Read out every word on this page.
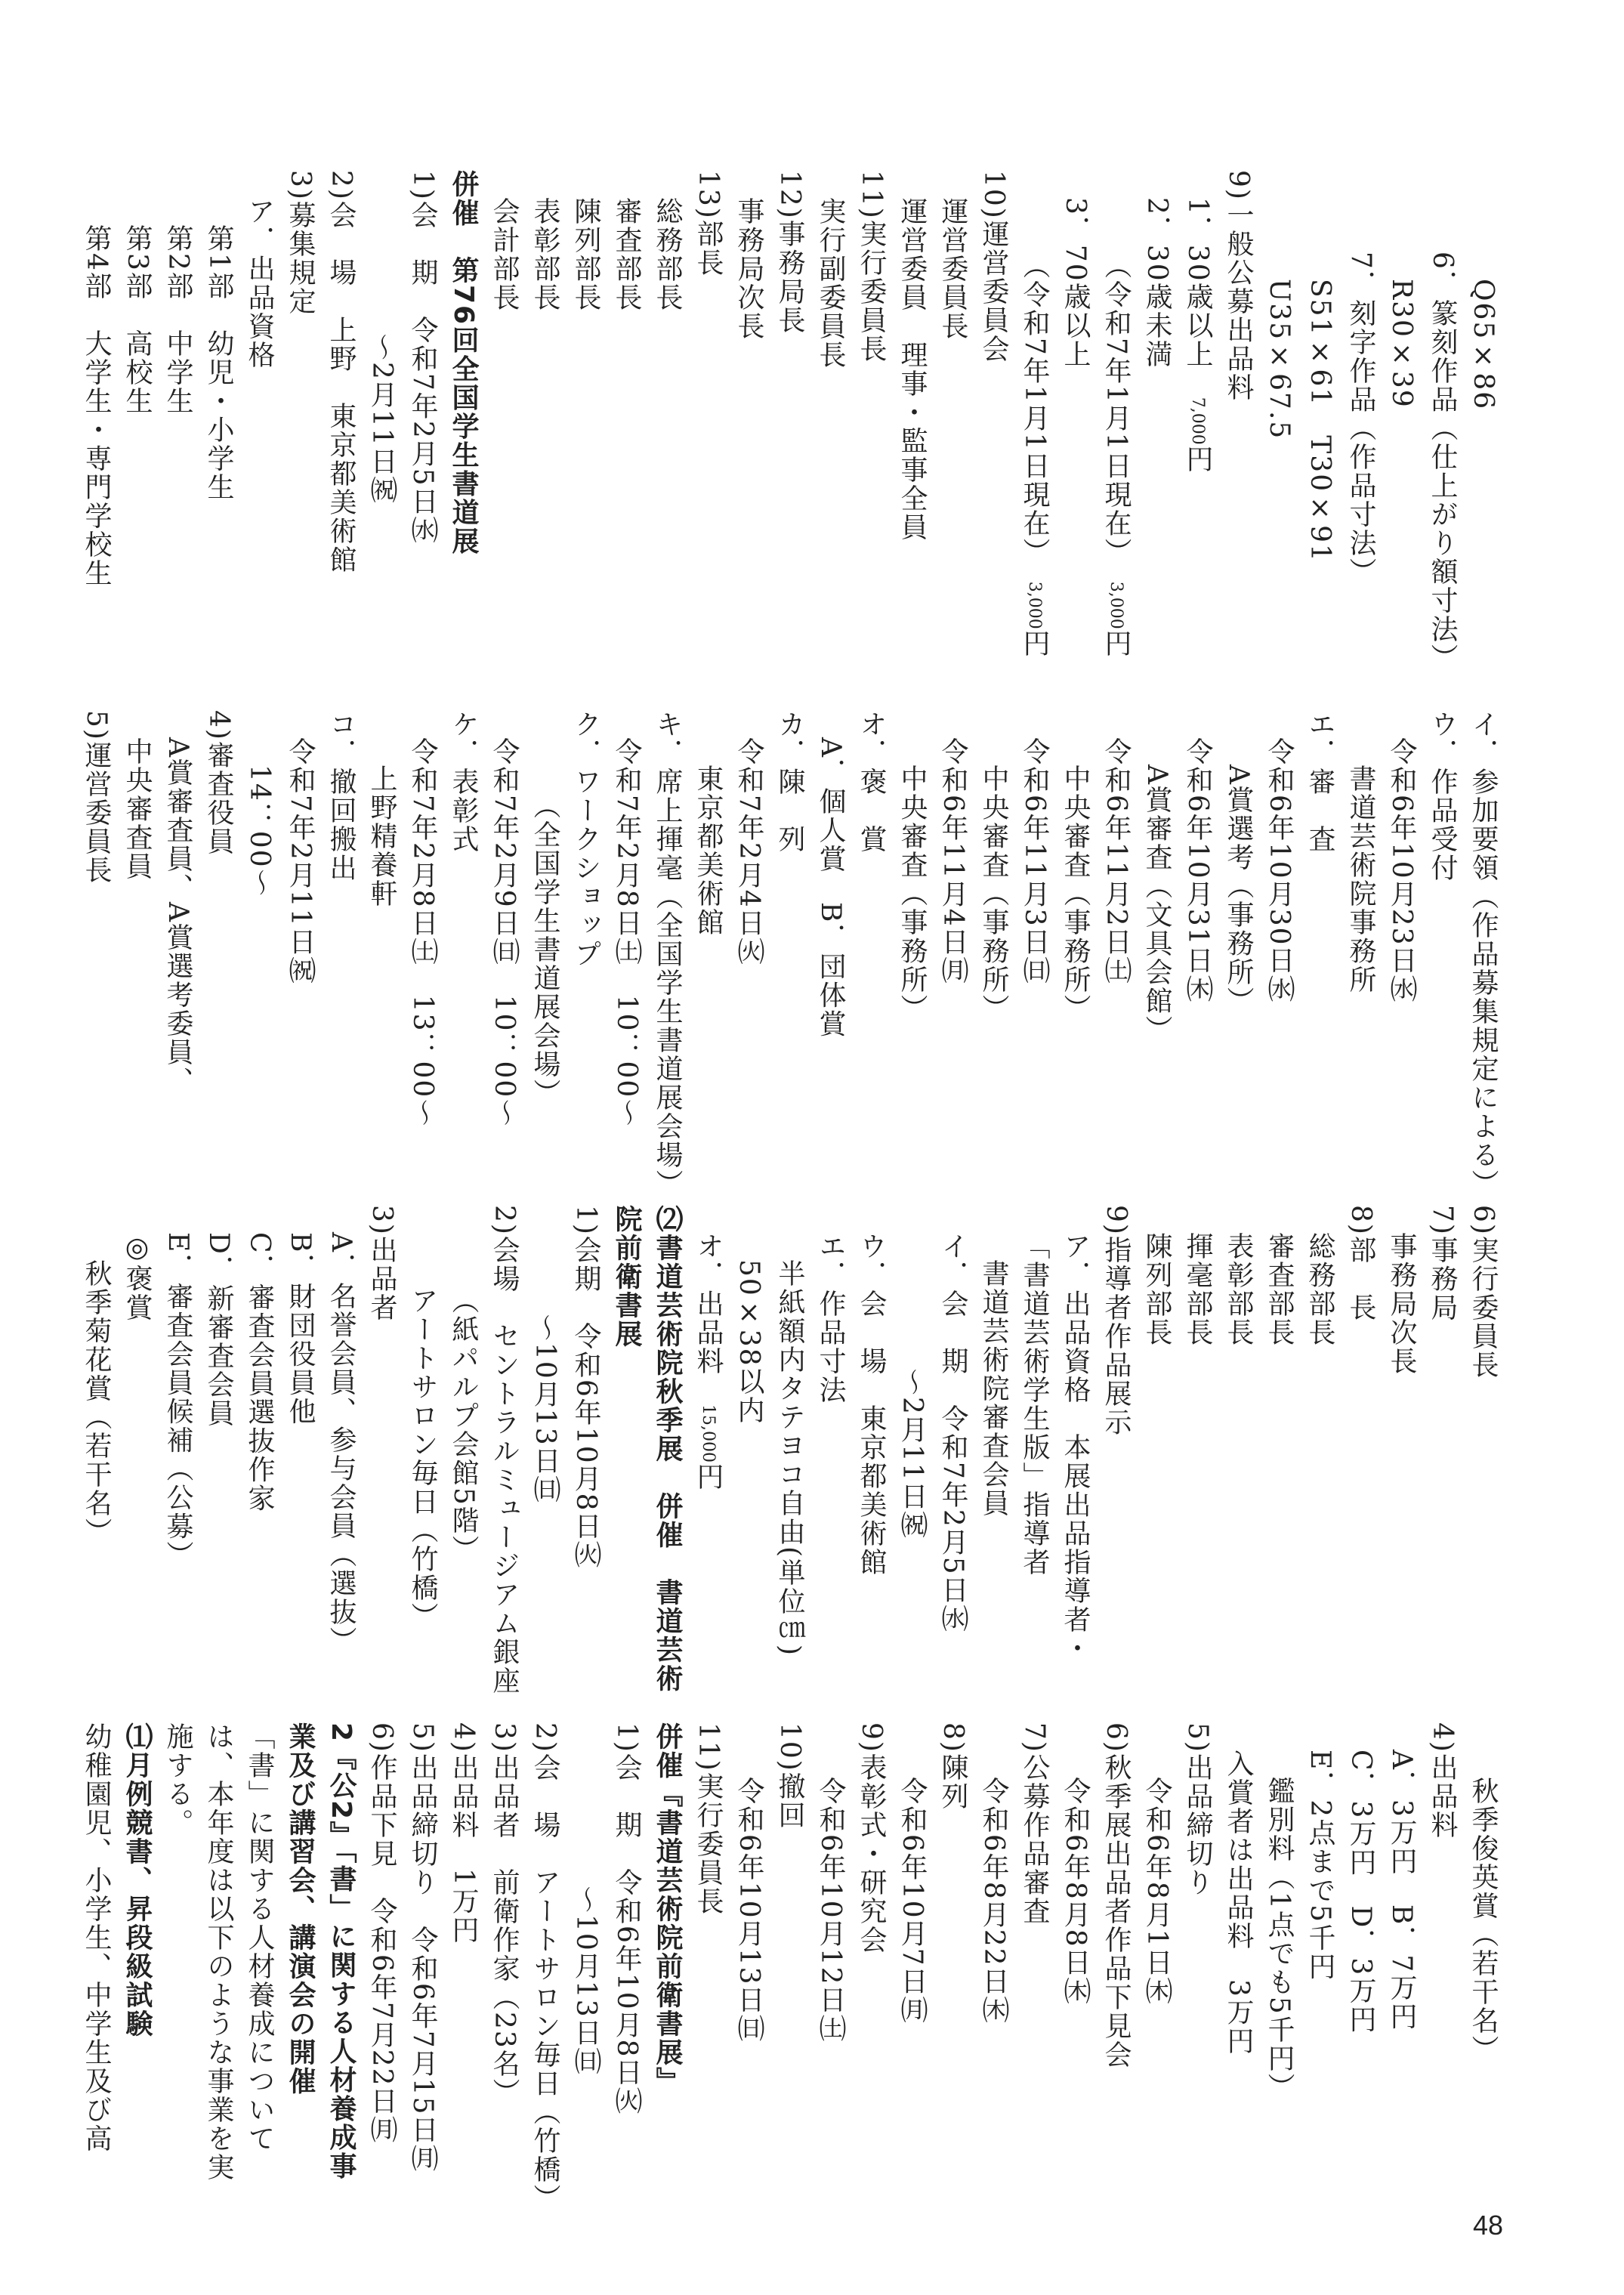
Q65×86
6．篆刻作品（仕上がり額寸法）
R30×39
7．刻字作品（作品寸法）
S51×61　T30×91
U35×67.5
9)一般公募出品料
1．30歳以上　7,000円
2．30歳未満
（令和7年1月1日現在）　3,000円
3．70歳以上
（令和7年1月1日現在）　3,000円
10)運営委員会
運営委員長
運営委員　理事・監事全員
11)実行委員長
実行副委員長
12)事務局長
事務局次長
13)部長
総務部長
審査部長
陳列部長
表彰部長
会計部長
併催　第76回全国学生書道展
1)会　期　令和7年2月5日㈬
〜2月11日㈷
2)会　場　上野　東京都美術館
3)募集規定
ア．出品資格
第1部　幼児・小学生
第2部　中学生
第3部　高校生
第4部　大学生・専門学校生
イ．参加要領（作品募集規定による）
ウ．作品受付
令和6年10月23日㈬
書道芸術院事務所
エ．審　査
令和6年10月30日㈬
A賞選考（事務所）
令和6年10月31日㈭
A賞審査（文具会館）
令和6年11月2日㈯
中央審査（事務所）
令和6年11月3日㈰
中央審査（事務所）
令和6年11月4日㈪
中央審査（事務所）
オ．褒　賞
A．個人賞　B．団体賞
カ．陳　列
令和7年2月4日㈫
東京都美術館
キ．席上揮毫（全国学生書道展会場）
令和7年2月8日㈯　10：00〜
ク．ワークショップ
（全国学生書道展会場）
令和7年2月9日㈰　10：00〜
ケ．表彰式
令和7年2月8日㈯　13：00〜
上野精養軒
コ．撤回搬出
令和7年2月11日㈷
14：00〜
4)審査役員
A賞審査員、A賞選考委員、
中央審査員
5)運営委員長
6)実行委員長
7)事務局
事務局次長
8)部　長
総務部長
審査部長
表彰部長
揮毫部長
陳列部長
9)指導者作品展示
ア．出品資格　本展出品指導者・
「書道芸術学生版」指導者
書道芸術院審査会員
イ．会　期　令和7年2月5日㈬
〜2月11日㈷
ウ．会　場　東京都美術館
エ．作品寸法
半紙額内タテヨコ自由(単位㎝)
50×38以内
オ．出品料　15,000円
⑵書道芸術院秋季展　併催　書道芸術
院前衛書展
1)会期　令和6年10月8日㈫
〜10月13日㈰
2)会場　セントラルミュージアム銀座
（紙パルプ会館5階）
アートサロン毎日（竹橋）
3)出品者
A．名誉会員、参与会員（選抜）
B．財団役員他
C．審査会員選抜作家
D．新審査会員
E．審査会員候補（公募）
◎褒賞
秋季菊花賞（若干名）
秋季俊英賞（若干名）
4)出品料
A．3万円　B．7万円
C．3万円　D．3万円
E．2点まで5千円
鑑別料（1点でも5千円）
入賞者は出品料　3万円
5)出品締切り
令和6年8月1日㈭
6)秋季展出品者作品下見会
令和6年8月8日㈭
7)公募作品審査
令和6年8月22日㈭
8)陳列
令和6年10月7日㈪
9)表彰式・研究会
令和6年10月12日㈯
10)撤回
令和6年10月13日㈰
11)実行委員長
併催『書道芸術院前衛書展』
1)会　期　令和6年10月8日㈫
〜10月13日㈰
2)会　場　アートサロン毎日（竹橋）
3)出品者　前衛作家（23名）
4)出品料　1万円
5)出品締切り　令和6年7月15日㈪
6)作品下見　令和6年7月22日㈪
2『公2』「書」に関する人材養成事
業及び講習会、講演会の開催
「書」に関する人材養成について
は、本年度は以下のような事業を実
施する。
⑴月例競書、昇段級試験
幼稚園児、小学生、中学生及び高
48
